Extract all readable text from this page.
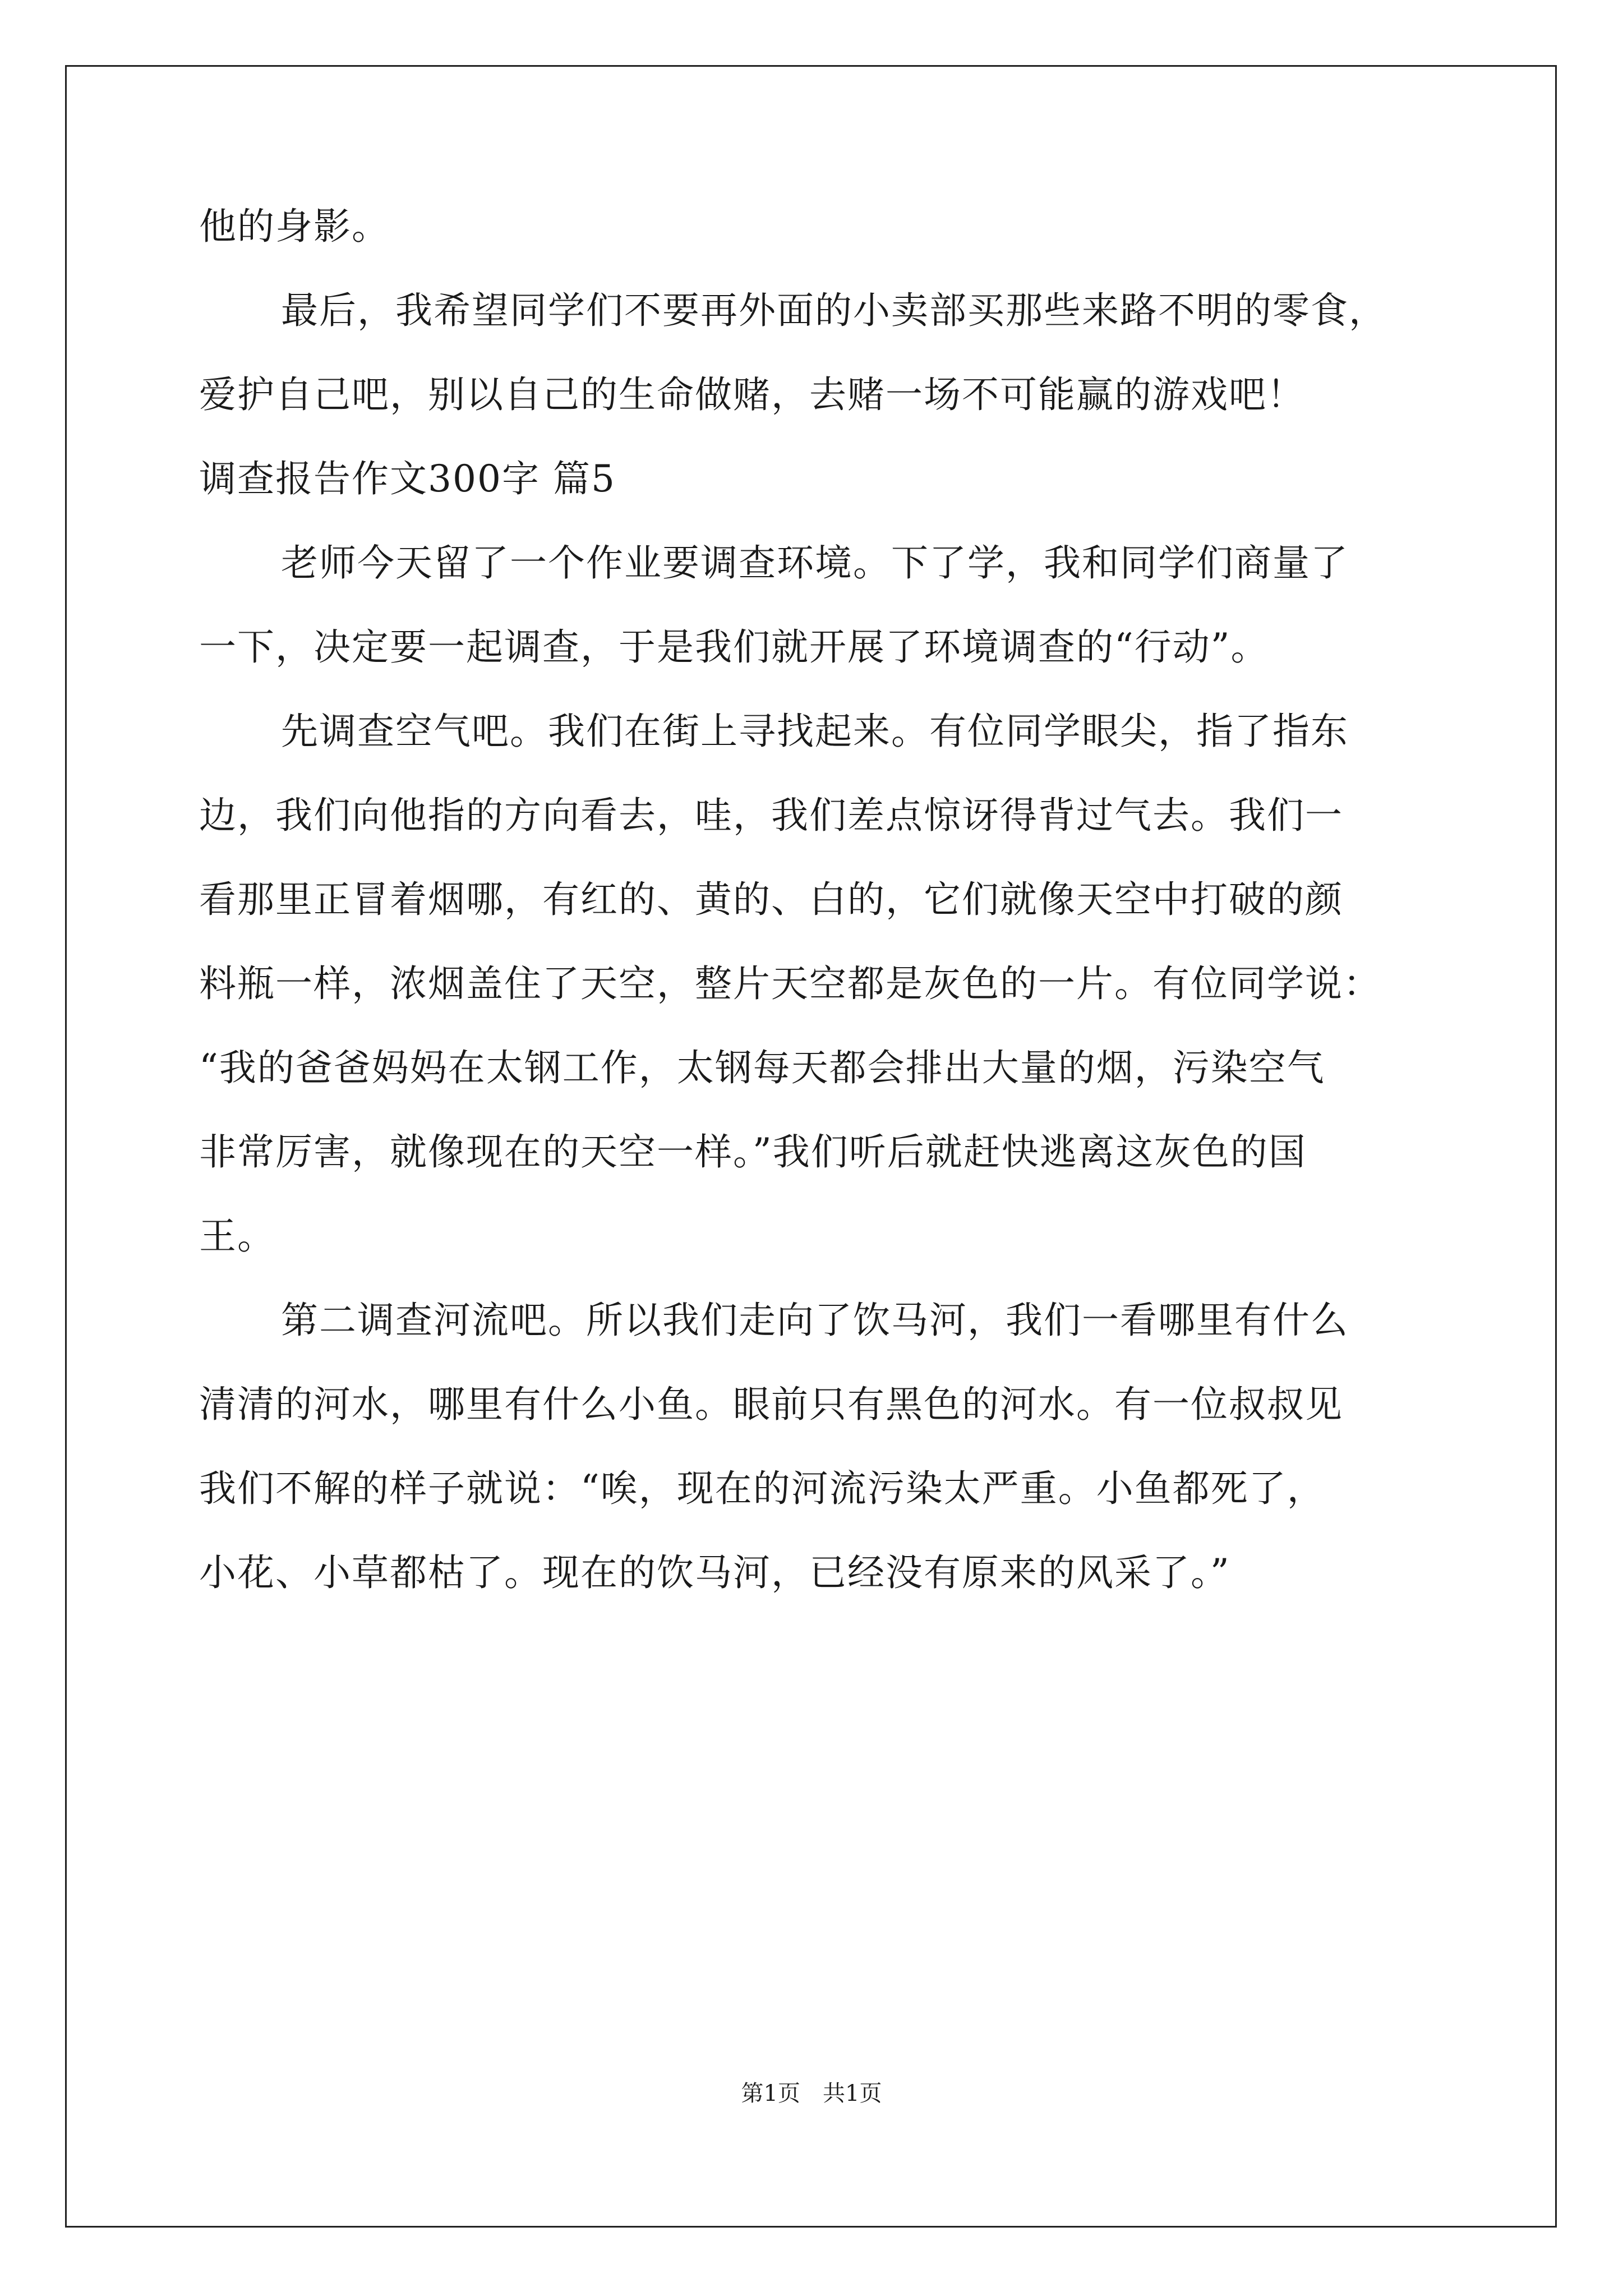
他的身影。

最后，我希望同学们不要再外面的小卖部买那些来路不明的零食，

爱护自己吧，别以自己的生命做赌，去赌一场不可能赢的游戏吧！

调查报告作文300字 篇5

老师今天留了一个作业要调查环境。下了学，我和同学们商量了

一下，决定要一起调查，于是我们就开展了环境调查的“行动”。

先调查空气吧。我们在街上寻找起来。有位同学眼尖，指了指东

边，我们向他指的方向看去，哇，我们差点惊讶得背过气去。我们一

看那里正冒着烟哪，有红的、黄的、白的，它们就像天空中打破的颜

料瓶一样，浓烟盖住了天空，整片天空都是灰色的一片。有位同学说：

“我的爸爸妈妈在太钢工作，太钢每天都会排出大量的烟，污染空气

非常厉害，就像现在的天空一样。”我们听后就赶快逃离这灰色的国

王。

第二调查河流吧。所以我们走向了饮马河，我们一看哪里有什么

清清的河水，哪里有什么小鱼。眼前只有黑色的河水。有一位叔叔见

我们不解的样子就说：“唉，现在的河流污染太严重。小鱼都死了，

小花、小草都枯了。现在的饮马河，已经没有原来的风采了。”

第1页　共1页
